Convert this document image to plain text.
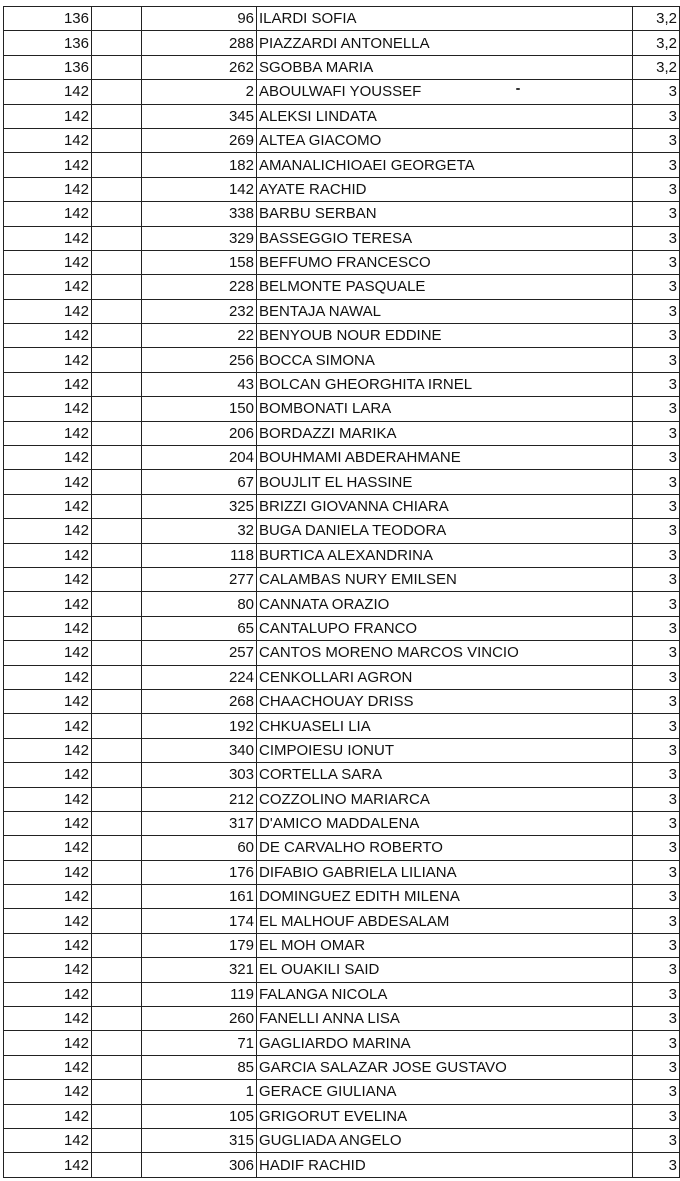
136		96	ILARDI SOFIA	3,2
136		288	PIAZZARDI ANTONELLA	3,2
136		262	SGOBBA MARIA	3,2
142		2	ABOULWAFI YOUSSEF	3
142		345	ALEKSI LINDATA	3
142		269	ALTEA GIACOMO	3
142		182	AMANALICHIOAEI GEORGETA	3
142		142	AYATE RACHID	3
142		338	BARBU SERBAN	3
142		329	BASSEGGIO TERESA	3
142		158	BEFFUMO FRANCESCO	3
142		228	BELMONTE PASQUALE	3
142		232	BENTAJA NAWAL	3
142		22	BENYOUB NOUR EDDINE	3
142		256	BOCCA SIMONA	3
142		43	BOLCAN GHEORGHITA IRNEL	3
142		150	BOMBONATI LARA	3
142		206	BORDAZZI MARIKA	3
142		204	BOUHMAMI ABDERAHMANE	3
142		67	BOUJLIT EL HASSINE	3
142		325	BRIZZI GIOVANNA CHIARA	3
142		32	BUGA DANIELA TEODORA	3
142		118	BURTICA ALEXANDRINA	3
142		277	CALAMBAS NURY EMILSEN	3
142		80	CANNATA ORAZIO	3
142		65	CANTALUPO FRANCO	3
142		257	CANTOS MORENO MARCOS VINCIO	3
142		224	CENKOLLARI AGRON	3
142		268	CHAACHOUAY DRISS	3
142		192	CHKUASELI LIA	3
142		340	CIMPOIESU IONUT	3
142		303	CORTELLA SARA	3
142		212	COZZOLINO MARIARCA	3
142		317	D'AMICO MADDALENA	3
142		60	DE CARVALHO ROBERTO	3
142		176	DIFABIO GABRIELA LILIANA	3
142		161	DOMINGUEZ EDITH MILENA	3
142		174	EL MALHOUF ABDESALAM	3
142		179	EL MOH OMAR	3
142		321	EL OUAKILI SAID	3
142		119	FALANGA NICOLA	3
142		260	FANELLI ANNA LISA	3
142		71	GAGLIARDO MARINA	3
142		85	GARCIA SALAZAR JOSE GUSTAVO	3
142		1	GERACE GIULIANA	3
142		105	GRIGORUT EVELINA	3
142		315	GUGLIADA ANGELO	3
142		306	HADIF RACHID	3
